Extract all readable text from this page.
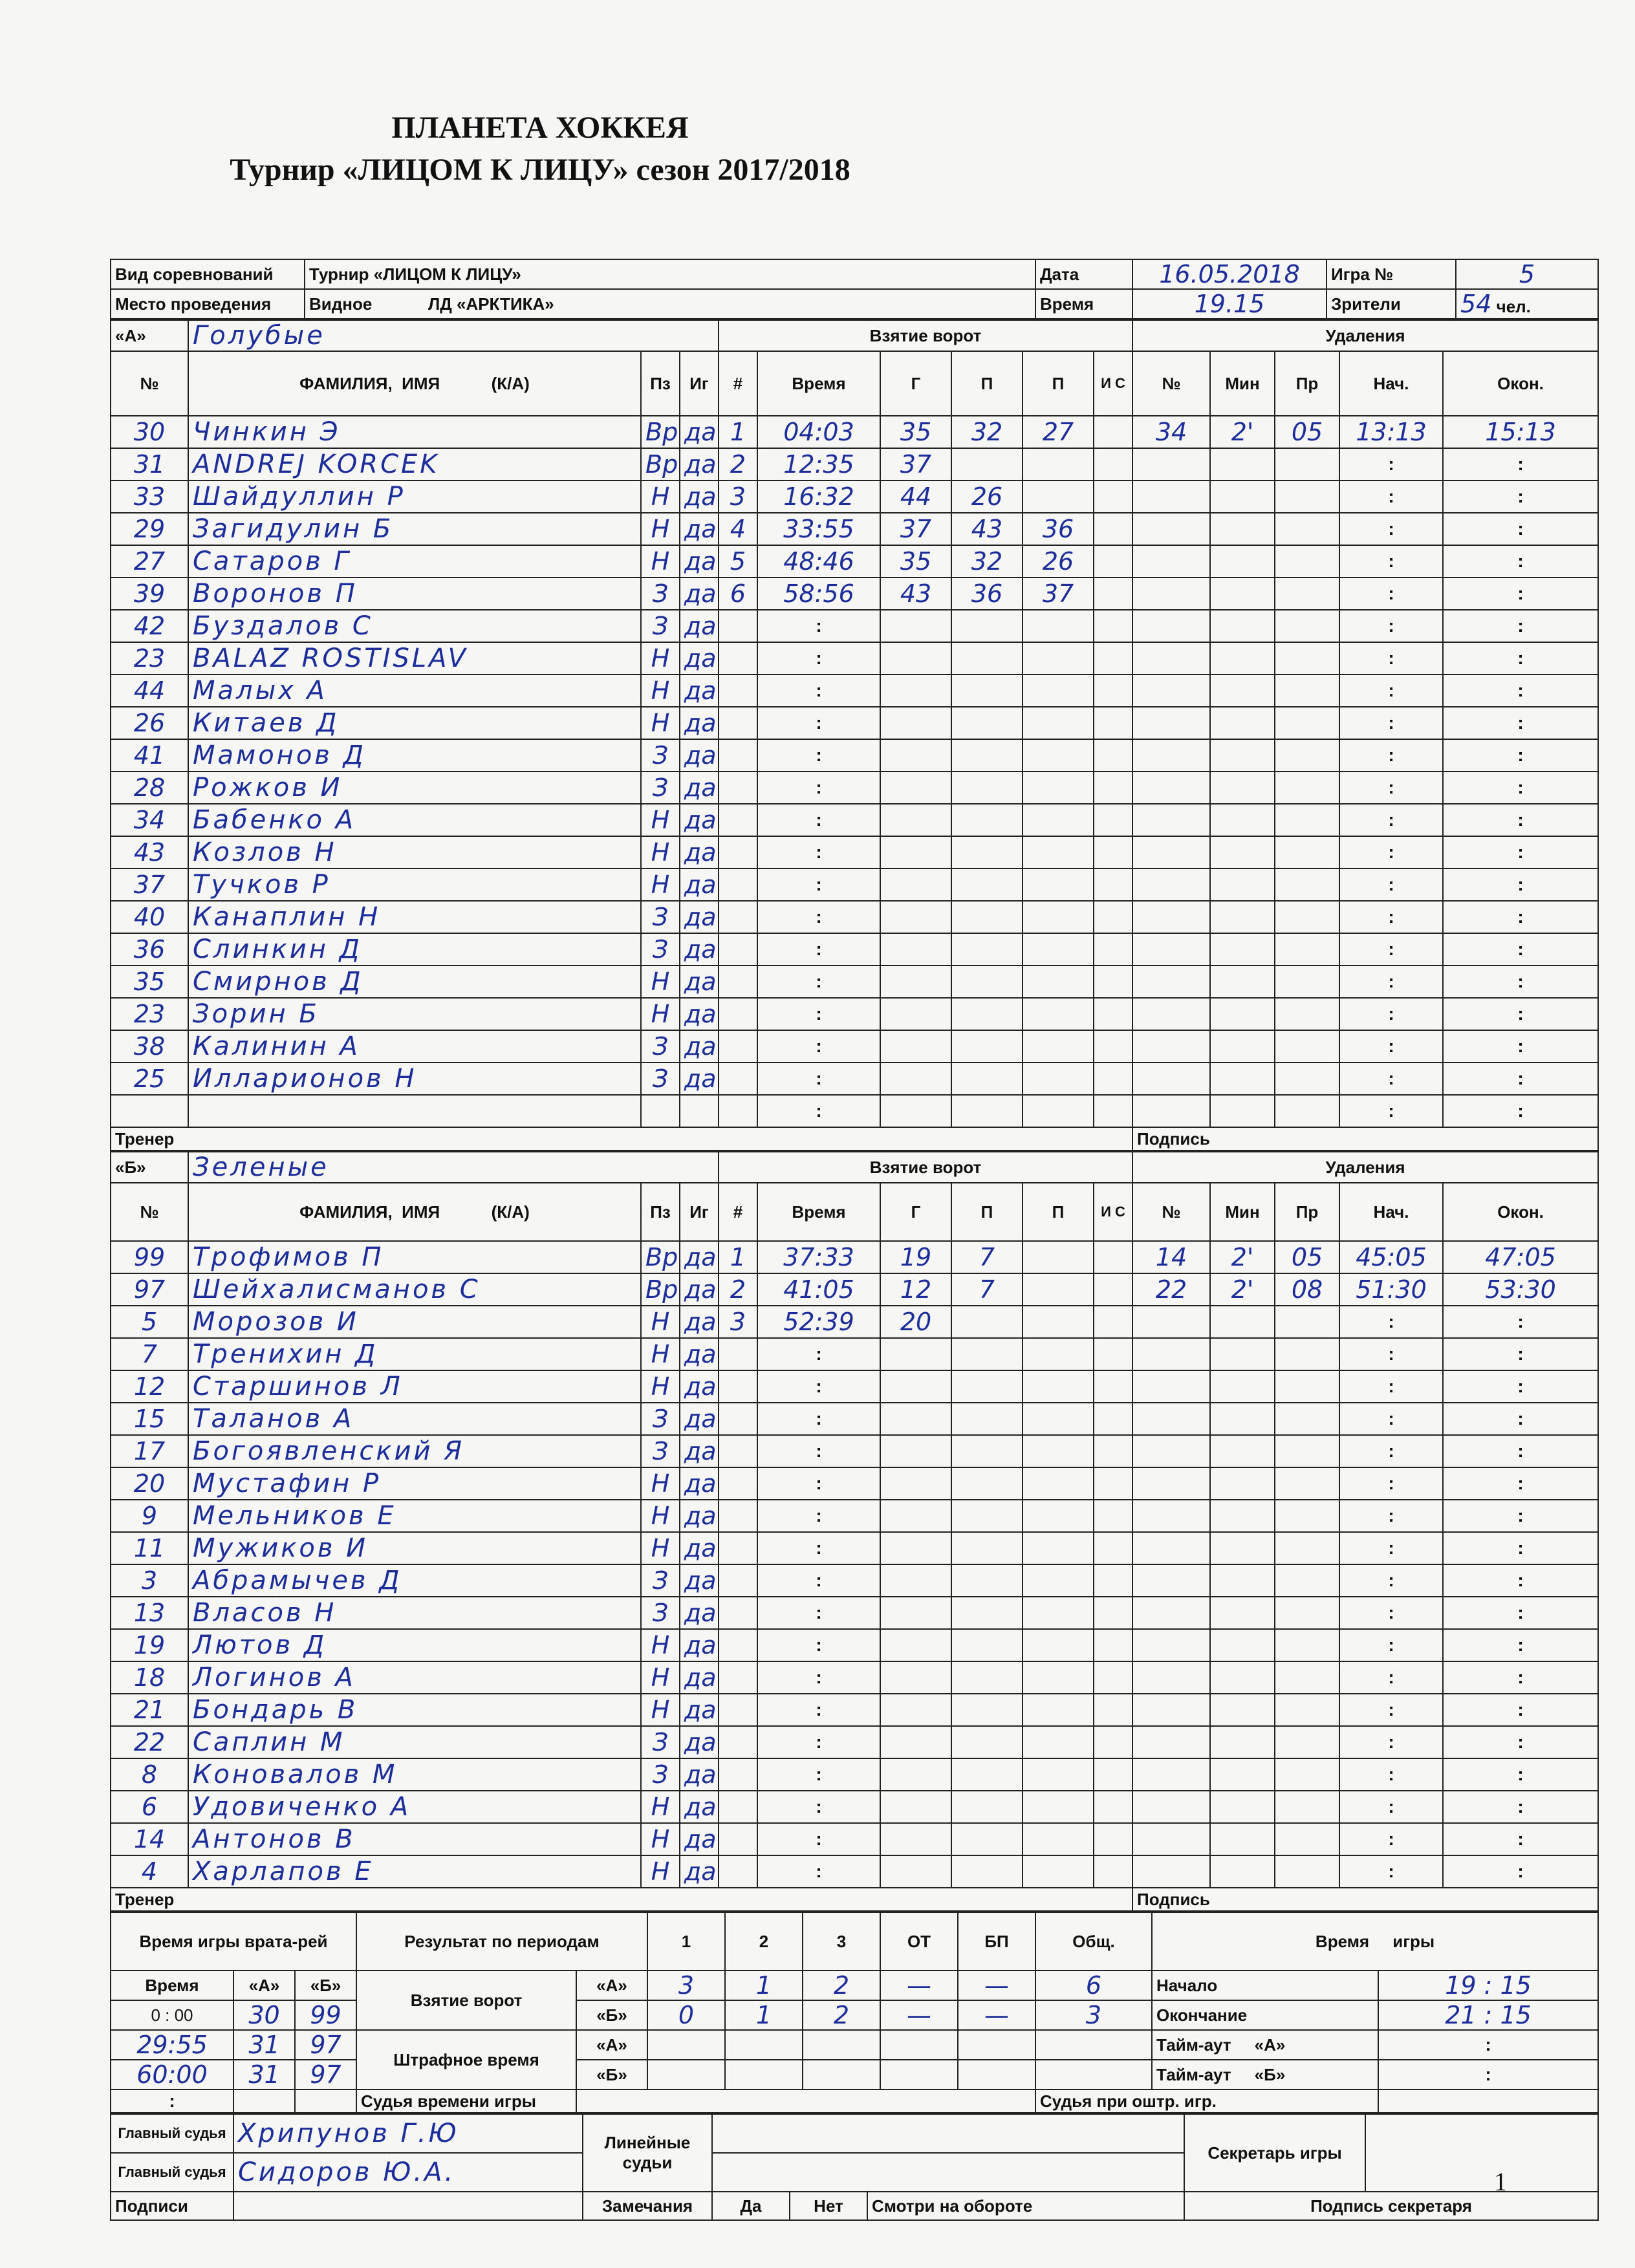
ПЛАНЕТА ХОККЕЯ
Турнир «ЛИЦОМ К ЛИЦУ» сезон 2017/2018
Вид соревнований	Турнир «ЛИЦОМ К ЛИЦУ»	Дата	16.05.2018	Игра №	5
Место проведения	Видное            ЛД «АРКТИКА»	Время	19.15	Зрители	54 чел.
«А»	Голубые			Взятие ворот						Удаления				
№	ФАМИЛИЯ,  ИМЯ           (К/А)	Пз	Иг	#	Время	Г	П	П	И С	№	Мин	Пр	Нач.	Окон.
30	Чинкин Э	Вр	да	1	04:03	35	32	27		34	2'	05	13:13	15:13
31	ANDREJ KORCEK	Вр	да	2	12:35	37							:	:
33	Шайдуллин Р	Н	да	3	16:32	44	26						:	:
29	Загидулин Б	Н	да	4	33:55	37	43	36					:	:
27	Сатаров Г	Н	да	5	48:46	35	32	26					:	:
39	Воронов П	З	да	6	58:56	43	36	37					:	:
42	Буздалов С	З	да		:								:	:
23	BALAZ ROSTISLAV	Н	да		:								:	:
44	Малых А	Н	да		:								:	:
26	Китаев Д	Н	да		:								:	:
41	Мамонов Д	З	да		:								:	:
28	Рожков И	З	да		:								:	:
34	Бабенко А	Н	да		:								:	:
43	Козлов Н	Н	да		:								:	:
37	Тучков Р	Н	да		:								:	:
40	Канаплин Н	З	да		:								:	:
36	Слинкин Д	З	да		:								:	:
35	Смирнов Д	Н	да		:								:	:
23	Зорин Б	Н	да		:								:	:
38	Калинин А	З	да		:								:	:
25	Илларионов Н	З	да		:								:	:
					:								:	:
Тренер										Подпись				
«Б»	Зеленые			Взятие ворот						Удаления				
№	ФАМИЛИЯ,  ИМЯ           (К/А)	Пз	Иг	#	Время	Г	П	П	И С	№	Мин	Пр	Нач.	Окон.
99	Трофимов П	Вр	да	1	37:33	19	7			14	2'	05	45:05	47:05
97	Шейхалисманов С	Вр	да	2	41:05	12	7			22	2'	08	51:30	53:30
5	Морозов И	Н	да	3	52:39	20							:	:
7	Тренихин Д	Н	да		:								:	:
12	Старшинов Л	Н	да		:								:	:
15	Таланов А	З	да		:								:	:
17	Богоявленский Я	З	да		:								:	:
20	Мустафин Р	Н	да		:								:	:
9	Мельников Е	Н	да		:								:	:
11	Мужиков И	Н	да		:								:	:
3	Абрамычев Д	З	да		:								:	:
13	Власов Н	З	да		:								:	:
19	Лютов Д	Н	да		:								:	:
18	Логинов А	Н	да		:								:	:
21	Бондарь В	Н	да		:								:	:
22	Саплин М	З	да		:								:	:
8	Коновалов М	З	да		:								:	:
6	Удовиченко А	Н	да		:								:	:
14	Антонов В	Н	да		:								:	:
4	Харлапов Е	Н	да		:								:	:
Тренер										Подпись				
Время игры врата-рей			Результат по периодам		1	2	3	ОТ	БП	Общ.	Время     игры	
Время	«А»	«Б»	Взятие ворот	«А»	3	1	2	—	—	6	Начало	19 : 15
0 : 00	30	99		«Б»	0	1	2	—	—	3	Окончание	21 : 15
29:55	31	97	Штрафное время	«А»							Тайм-аут     «А»	:
60:00	31	97		«Б»							Тайм-аут     «Б»	:
:			Судья времени игры							Судья при оштр. игр.		
Главный судья	Хрипунов Г.Ю	Линейные судьи				Секретарь игры	
Главный судья	Сидоров Ю.А.						
Подписи		Замечания	Да	Нет	Смотри на обороте	Подпись секретаря	
1
